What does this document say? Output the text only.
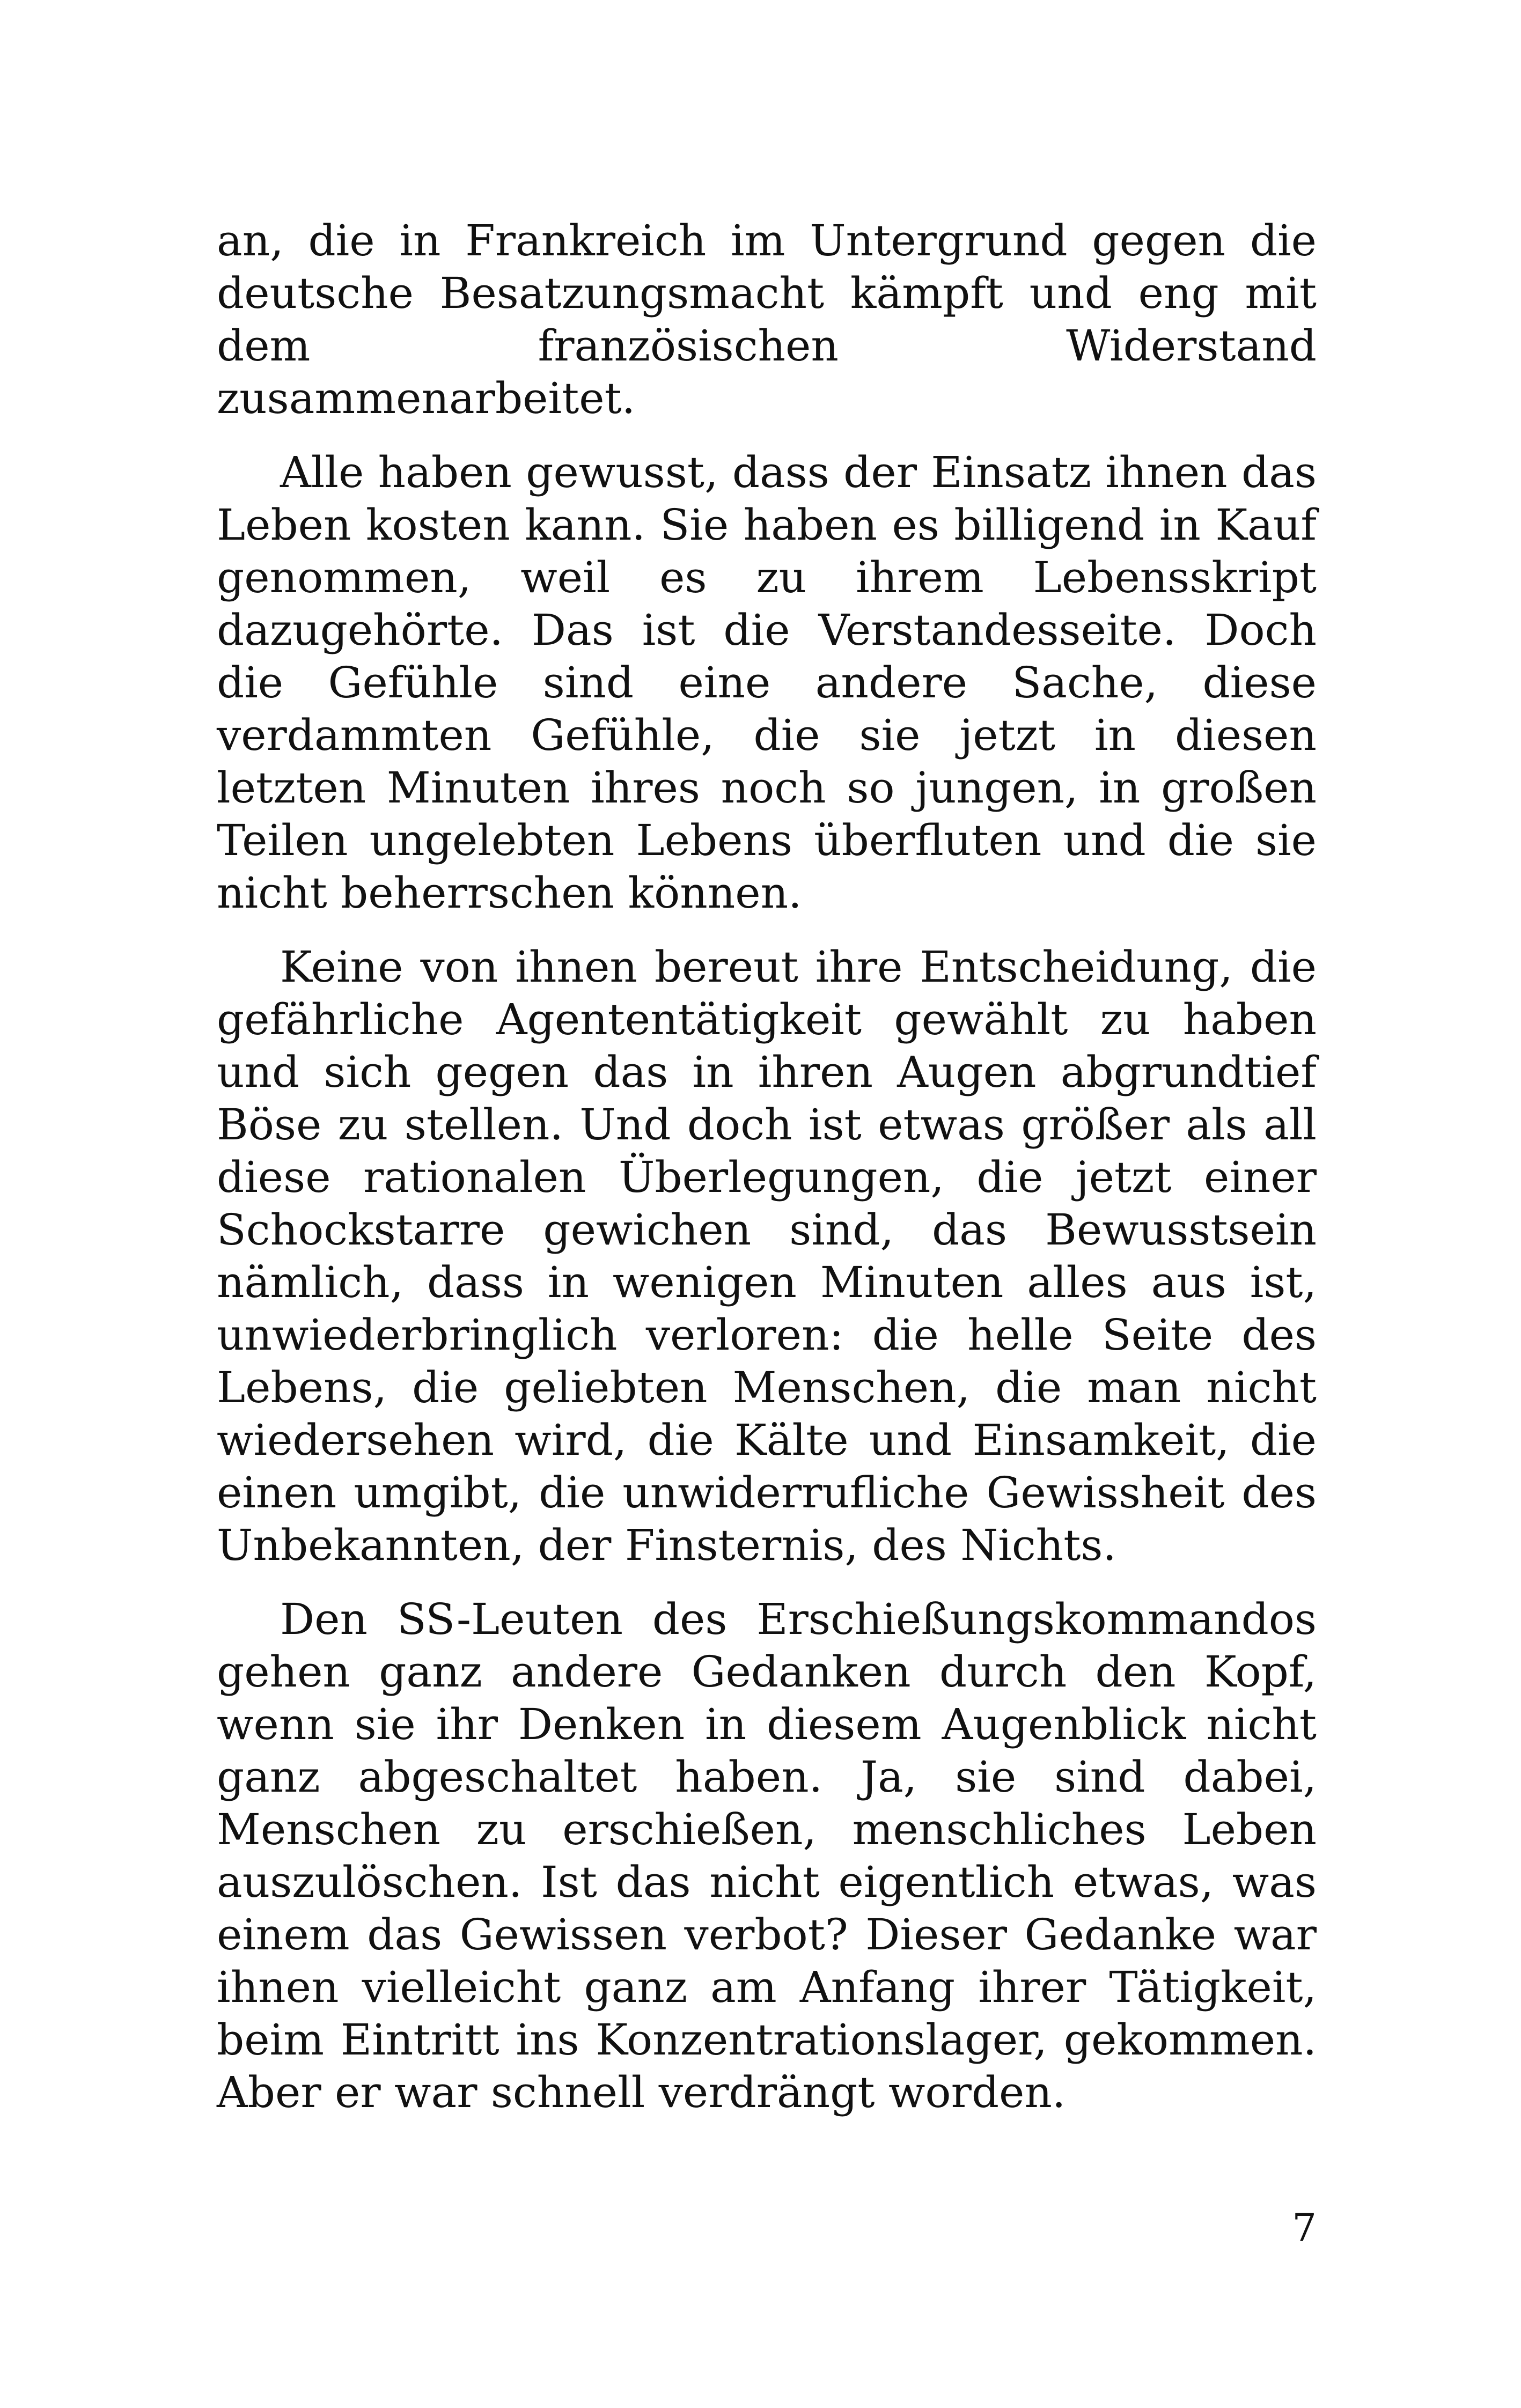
an, die in Frankreich im Untergrund gegen die deutsche Besatzungsmacht kämpft und eng mit dem französischen Widerstand zusammenarbeitet.

Alle haben gewusst, dass der Einsatz ihnen das Leben kosten kann. Sie haben es billigend in Kauf genommen, weil es zu ihrem Lebensskript dazugehörte. Das ist die Verstandesseite. Doch die Gefühle sind eine andere Sache, diese verdammten Gefühle, die sie jetzt in diesen letzten Minuten ihres noch so jungen, in großen Teilen ungelebten Lebens überfluten und die sie nicht beherrschen können.

Keine von ihnen bereut ihre Entscheidung, die gefährliche Agententätigkeit gewählt zu haben und sich gegen das in ihren Augen abgrundtief Böse zu stellen. Und doch ist etwas größer als all diese rationalen Überlegungen, die jetzt einer Schockstarre gewichen sind, das Bewusstsein nämlich, dass in wenigen Minuten alles aus ist, unwiederbringlich verloren: die helle Seite des Lebens, die geliebten Menschen, die man nicht wiedersehen wird, die Kälte und Einsamkeit, die einen umgibt, die unwiderrufliche Gewissheit des Unbekannten, der Finsternis, des Nichts.

Den SS-Leuten des Erschießungskommandos gehen ganz andere Gedanken durch den Kopf, wenn sie ihr Denken in diesem Augenblick nicht ganz abgeschaltet haben. Ja, sie sind dabei, Menschen zu erschießen, menschliches Leben auszulöschen. Ist das nicht eigentlich etwas, was einem das Gewissen verbot? Dieser Gedanke war ihnen vielleicht ganz am Anfang ihrer Tätigkeit, beim Eintritt ins Konzentrationslager, gekommen. Aber er war schnell verdrängt worden.

7
